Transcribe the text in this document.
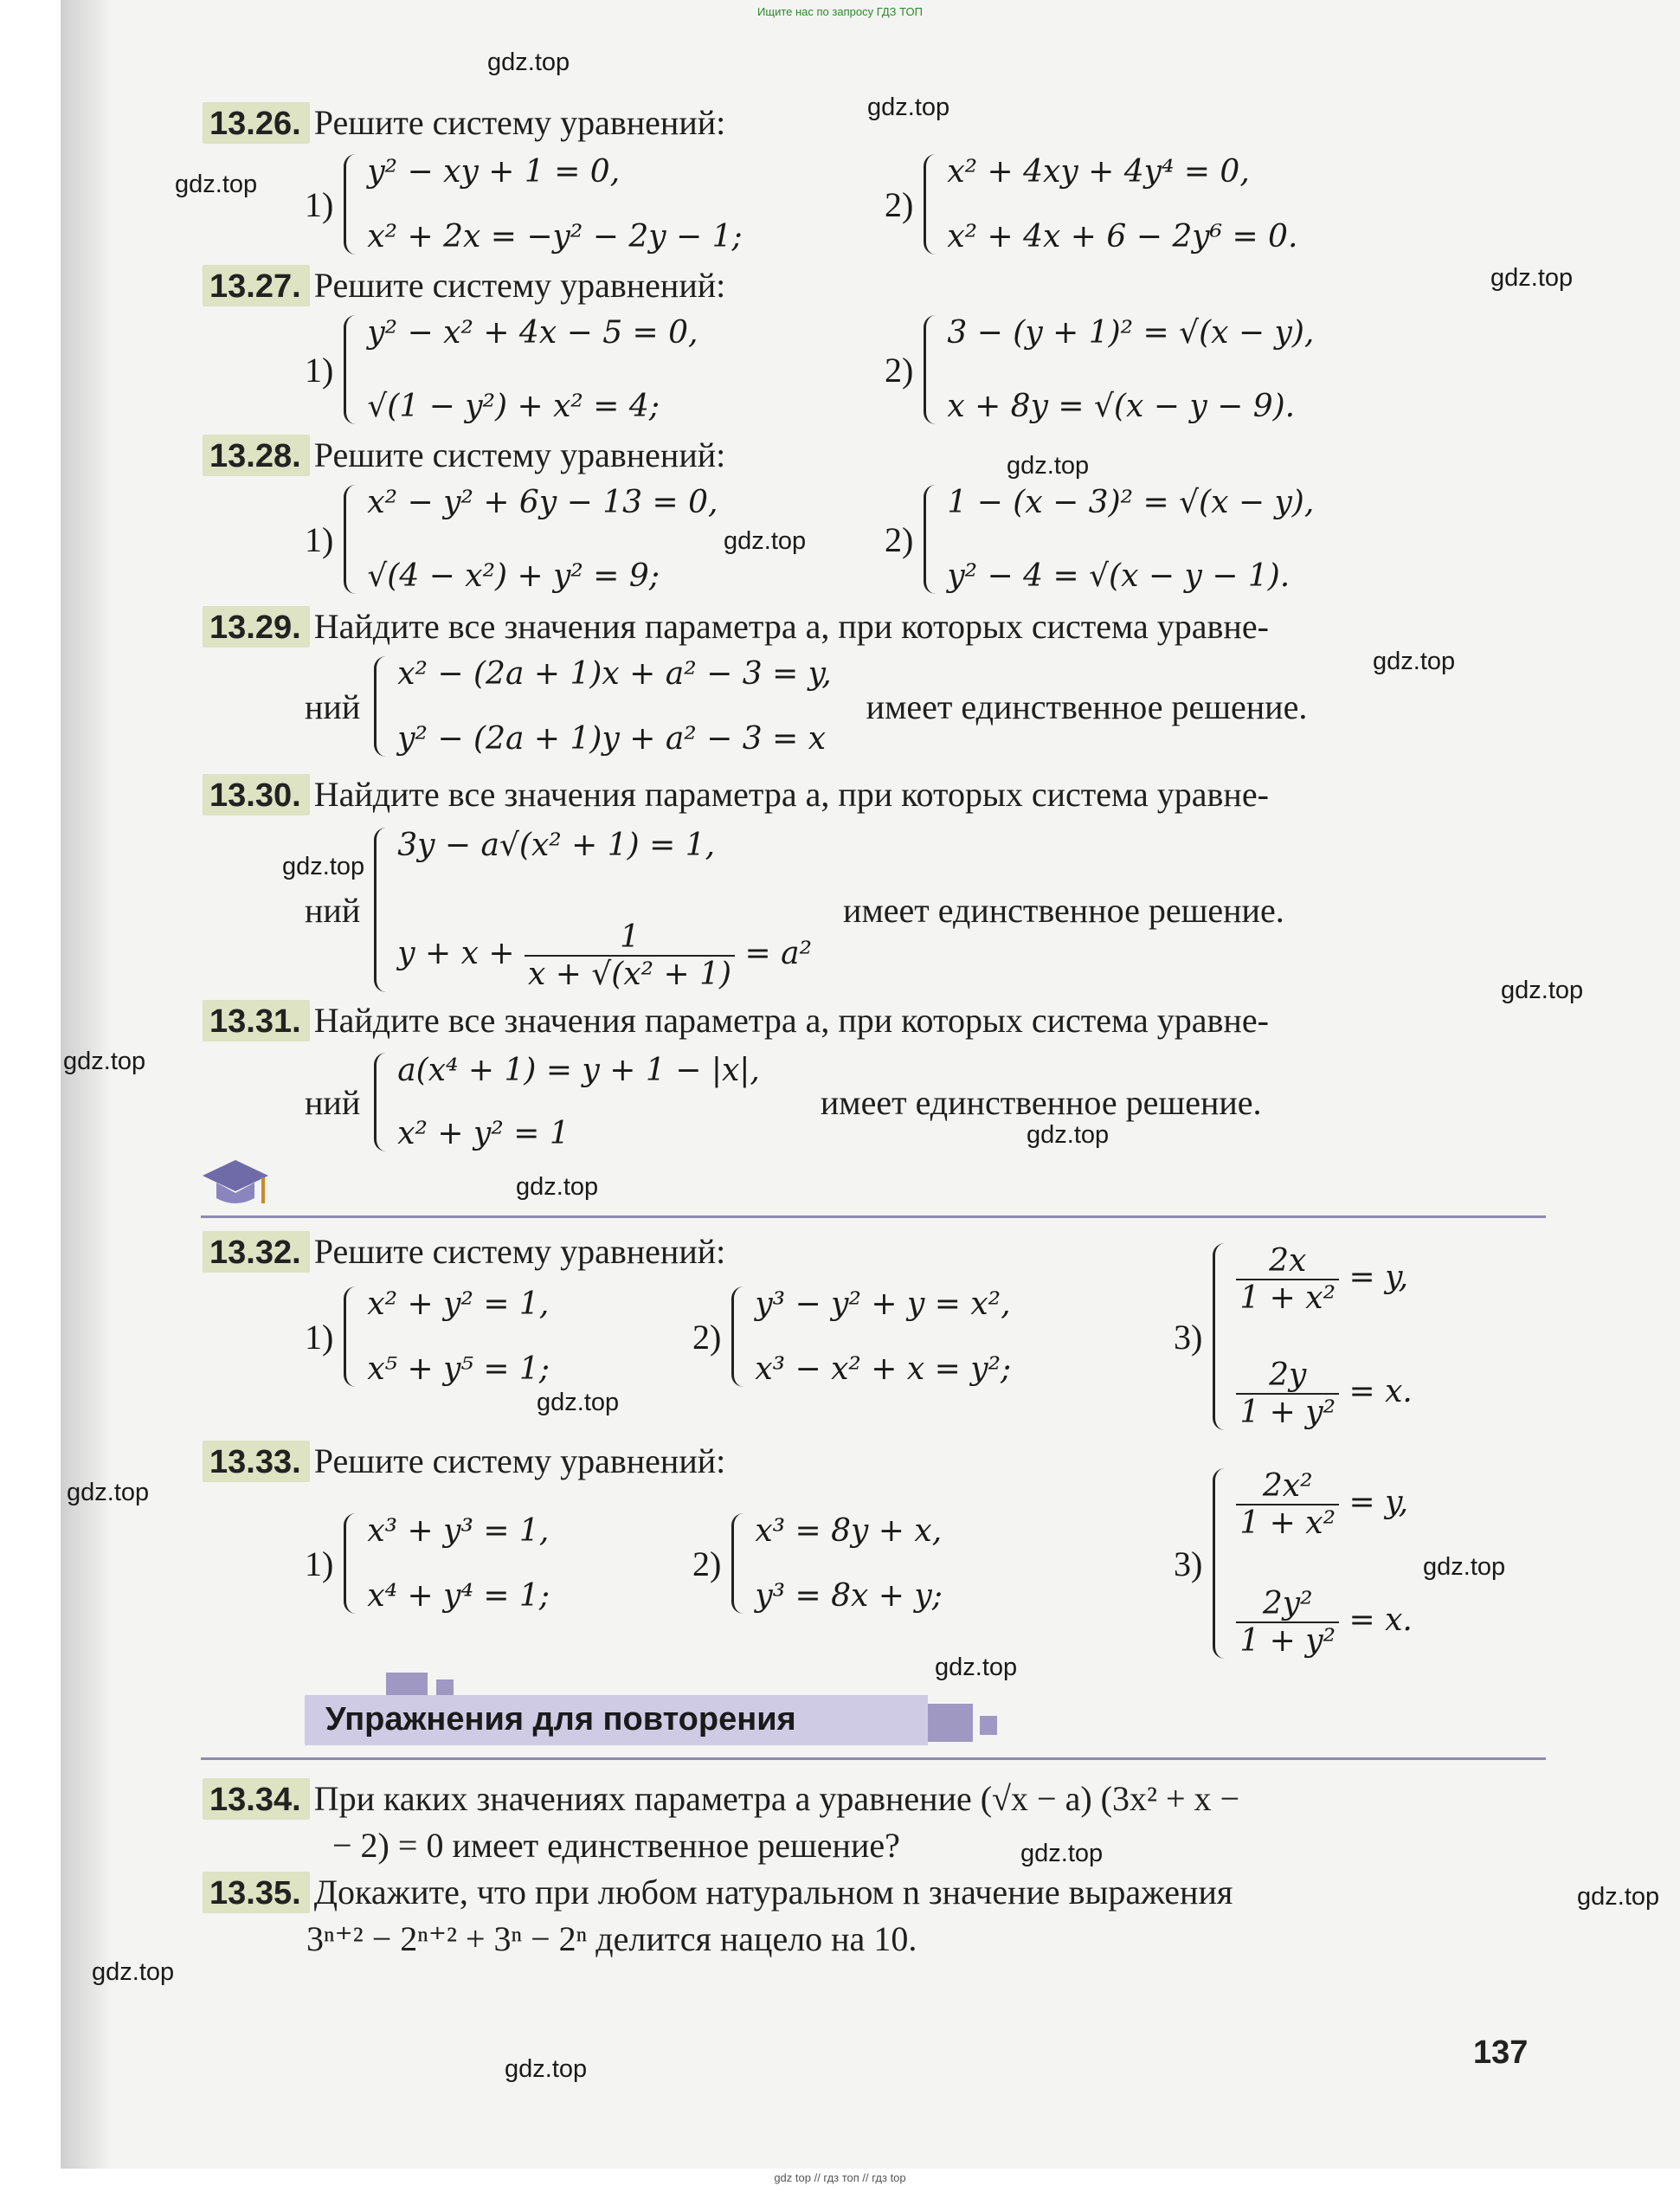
Ищите нас по запросу ГДЗ ТОП
gdz.top
gdz.top
gdz.top
gdz.top
gdz.top
gdz.top
gdz.top
gdz.top
gdz.top
gdz.top
gdz.top
gdz.top
gdz.top
gdz.top
gdz.top
gdz.top
gdz.top
gdz.top
gdz.top
gdz.top
13.26. Решите систему уравнений:
1)
y² − xy + 1 = 0,
x² + 2x = −y² − 2y − 1;
2)
x² + 4xy + 4y⁴ = 0,
x² + 4x + 6 − 2y⁶ = 0.
13.27. Решите систему уравнений:
1)
y² − x² + 4x − 5 = 0,
√(1 − y²) + x² = 4;
2)
3 − (y + 1)² = √(x − y),
x + 8y = √(x − y − 9).
13.28. Решите систему уравнений:
1)
x² − y² + 6y − 13 = 0,
√(4 − x²) + y² = 9;
2)
1 − (x − 3)² = √(x − y),
y² − 4 = √(x − y − 1).
13.29. Найдите все значения параметра a, при которых система уравне-
ний
x² − (2a + 1)x + a² − 3 = y,
y² − (2a + 1)y + a² − 3 = x
имеет единственное решение.
13.30. Найдите все значения параметра a, при которых система уравне-
ний
3y − a√(x² + 1) = 1,
$y + x + \frac{1}{\text{x + √(x² + 1)}} = a^2$
имеет единственное решение.
13.31. Найдите все значения параметра a, при которых система уравне-
ний
a(x⁴ + 1) = y + 1 − |x|,
x² + y² = 1
имеет единственное решение.
13.32. Решите систему уравнений:
1)
x² + y² = 1,
x⁵ + y⁵ = 1;
2)
y³ − y² + y = x²,
x³ − x² + x = y²;
3)
$\frac{2x}{\text{1 + x²}} = y$,
$\frac{2y}{\text{1 + y²}} = x$.
13.33. Решите систему уравнений:
1)
x³ + y³ = 1,
x⁴ + y⁴ = 1;
2)
x³ = 8y + x,
y³ = 8x + y;
3)
$\frac{\text{2x²}}{\text{1 + x²}} = y$,
$\frac{\text{2y²}}{\text{1 + y²}} = x$.
Упражнения для повторения
13.34. При каких значениях параметра a уравнение (√x − a) (3x² + x −
− 2) = 0 имеет единственное решение?
13.35. Докажите, что при любом натуральном n значение выражения
3ⁿ⁺² − 2ⁿ⁺² + 3ⁿ − 2ⁿ делится нацело на 10.
137
gdz top // гдз топ // гдз top
